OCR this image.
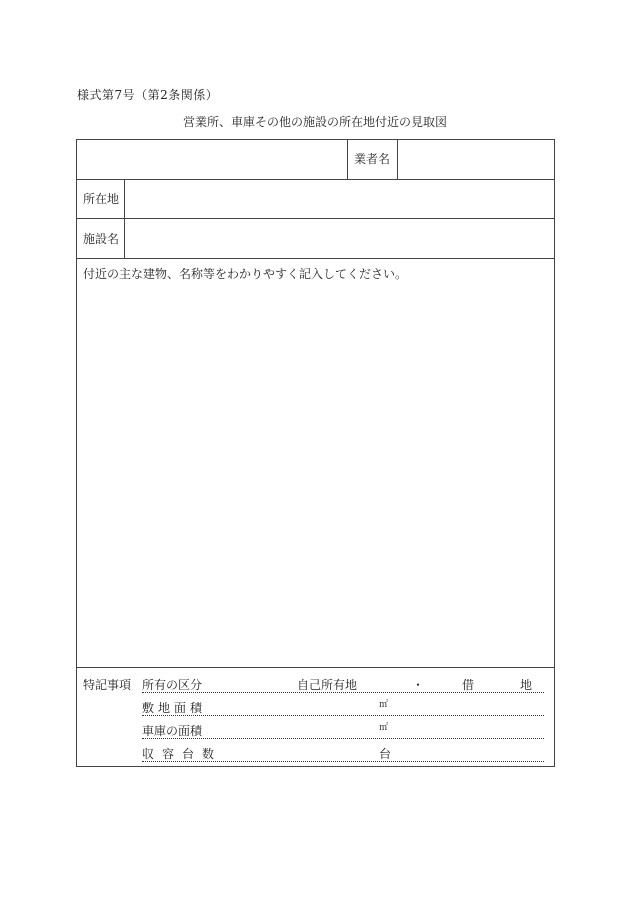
様式第7号（第2条関係）
営業所、車庫その他の施設の所在地付近の見取図
業者名
所在地
施設名
付近の主な建物、名称等をわかりやすく記入してください。
特記事項 所有の区分	自己所有地	・	借	地
敷地面積	㎡
車庫の面積	㎡
収容台数	台
